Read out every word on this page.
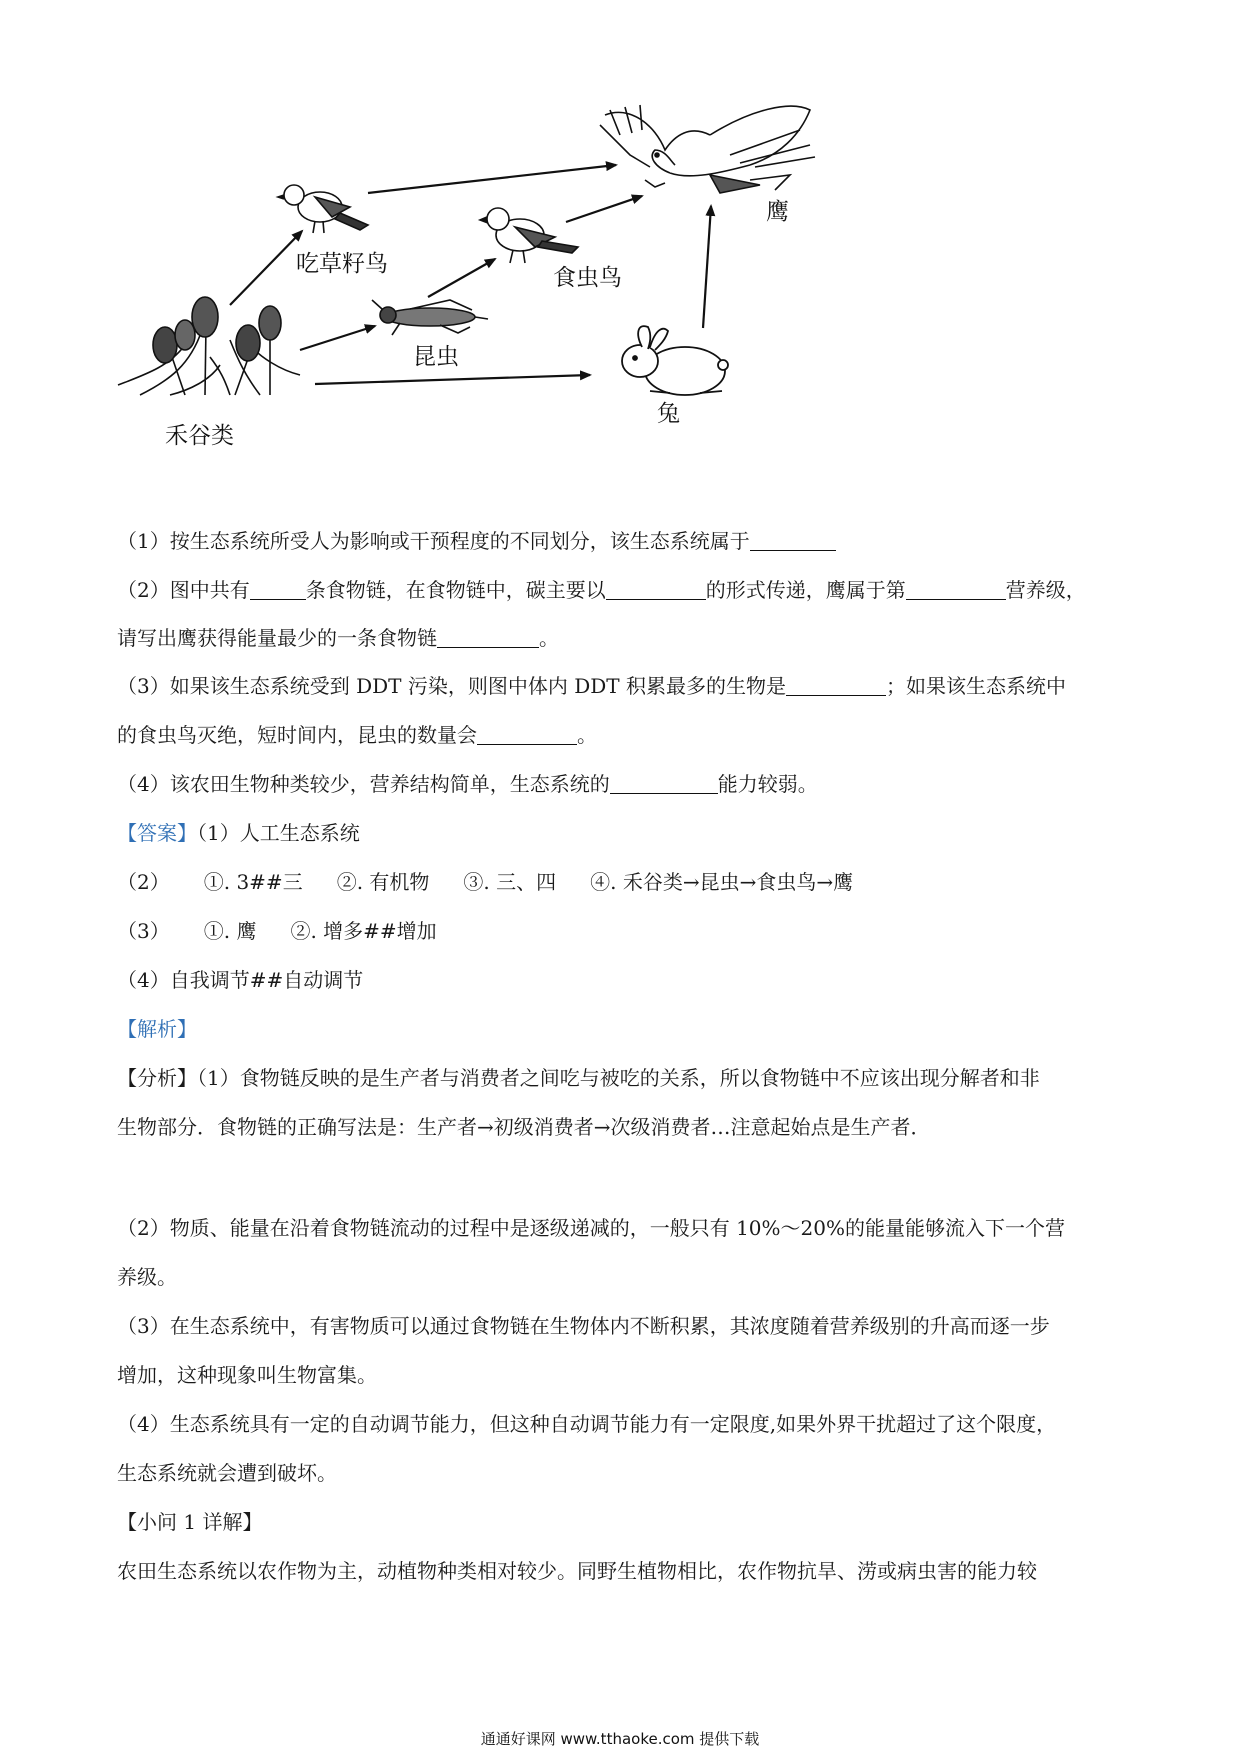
禾谷类
吃草籽鸟
昆虫
食虫鸟
兔
鹰
（1）按生态系统所受人为影响或干预程度的不同划分，该生态系统属于
（2）图中共有	条食物链，在食物链中，碳主要以	的形式传递，鹰属于第	营养级，
请写出鹰获得能量最少的一条食物链	。
（3）如果该生态系统受到 DDT 污染，则图中体内 DDT 积累最多的生物是	；如果该生态系统中
的食虫鸟灭绝，短时间内，昆虫的数量会	。
（4）该农田生物种类较少，营养结构简单，生态系统的	能力较弱。
【答案】（1）人工生态系统
（2） ①. 3##三 ②. 有机物 ③. 三、四 ④. 禾谷类→昆虫→食虫鸟→鹰
（3） ①. 鹰 ②. 增多##增加
（4）自我调节##自动调节
【解析】
【分析】（1）食物链反映的是生产者与消费者之间吃与被吃的关系，所以食物链中不应该出现分解者和非
生物部分．食物链的正确写法是：生产者→初级消费者→次级消费者…注意起始点是生产者．
（2）物质、能量在沿着食物链流动的过程中是逐级递减的，一般只有 10%～20%的能量能够流入下一个营
养级。
（3）在生态系统中，有害物质可以通过食物链在生物体内不断积累，其浓度随着营养级别的升高而逐一步
增加，这种现象叫生物富集。
（4）生态系统具有一定的自动调节能力，但这种自动调节能力有一定限度,如果外界干扰超过了这个限度，
生态系统就会遭到破坏。
【小问 1 详解】
农田生态系统以农作物为主，动植物种类相对较少。同野生植物相比，农作物抗旱、涝或病虫害的能力较
通通好课网 www.tthaoke.com 提供下载
